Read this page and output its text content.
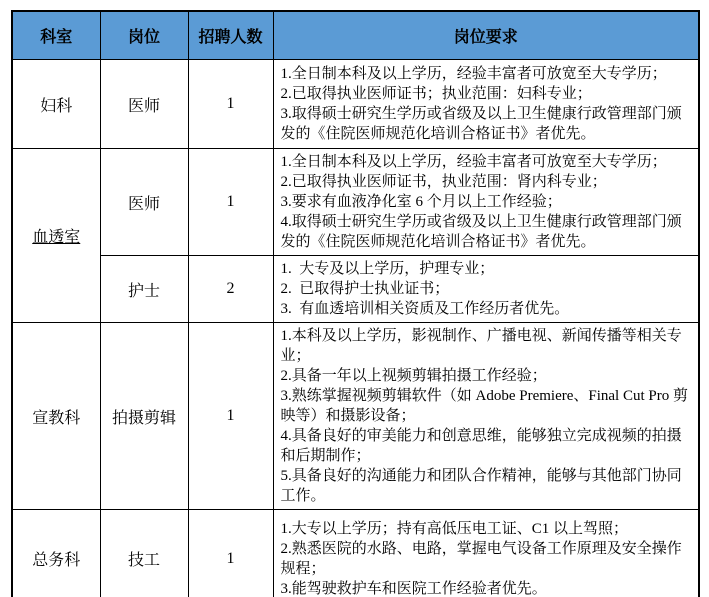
科室	岗位	招聘人数	岗位要求
妇科	医师	1	1.全日制本科及以上学历，经验丰富者可放宽至大专学历；
2.已取得执业医师证书；执业范围：妇科专业；
3.取得硕士研究生学历或省级及以上卫生健康行政管理部门颁发的《住院医师规范化培训合格证书》者优先。

血透室	医师	1	1.全日制本科及以上学历，经验丰富者可放宽至大专学历；
2.已取得执业医师证书，执业范围：肾内科专业；
3.要求有血液净化室 6 个月以上工作经验；
4.取得硕士研究生学历或省级及以上卫生健康行政管理部门颁发的《住院医师规范化培训合格证书》者优先。

	护士	2	1.  大专及以上学历，护理专业；
2.  已取得护士执业证书；
3.  有血透培训相关资质及工作经历者优先。

宣教科	拍摄剪辑	1	1.本科及以上学历，影视制作、广播电视、新闻传播等相关专业；
2.具备一年以上视频剪辑拍摄工作经验；
3.熟练掌握视频剪辑软件（如 Adobe Premiere、Final Cut Pro 剪映等）和摄影设备；
4.具备良好的审美能力和创意思维，能够独立完成视频的拍摄和后期制作；
5.具备良好的沟通能力和团队合作精神，能够与其他部门协同工作。

总务科	技工	1	1.大专以上学历；持有高低压电工证、C1 以上驾照；
2.熟悉医院的水路、电路，掌握电气设备工作原理及安全操作规程；
3.能驾驶救护车和医院工作经验者优先。
